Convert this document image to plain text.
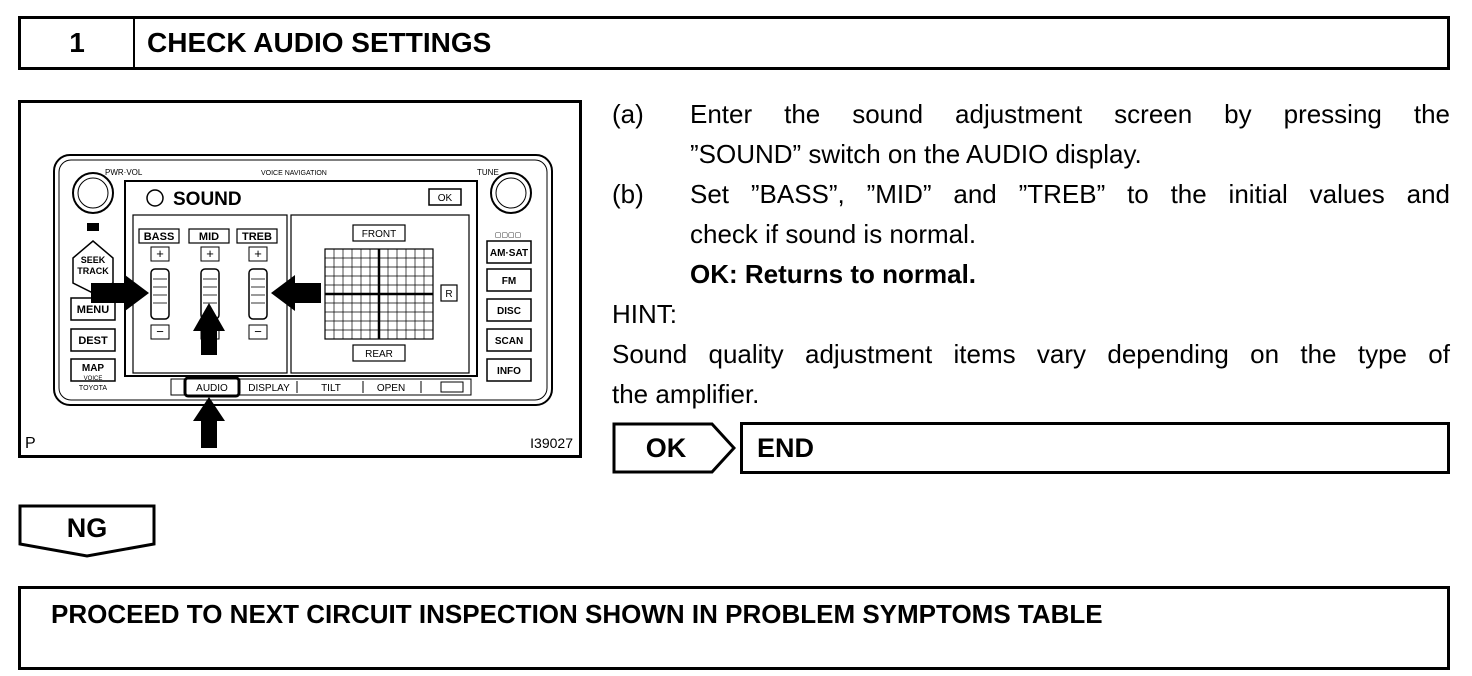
1	CHECK AUDIO SETTINGS
PWR·VOL	VOICE NAVIGATION	TUNE
SEEK
TRACK
MENU
DEST
MAP
VOICE
TOYOTA
▢▢▢▢
AM·SAT
FM
DISC
SCAN
INFO
SOUND	OK
BASS MID TREB
+	+	+
−	−
FRONT
REAR
R
AUDIO DISPLAY	TILT	OPEN
P	I39027
(a)	Enter the sound adjustment screen by pressing the
”SOUND” switch on the AUDIO display.
(b)	Set ”BASS”, ”MID” and ”TREB” to the initial values and
check if sound is normal.
OK: Returns to normal.
HINT:
Sound quality adjustment items vary depending on the type of
the amplifier.
OK	END
NG
PROCEED TO NEXT CIRCUIT INSPECTION SHOWN IN PROBLEM SYMPTOMS TABLE
